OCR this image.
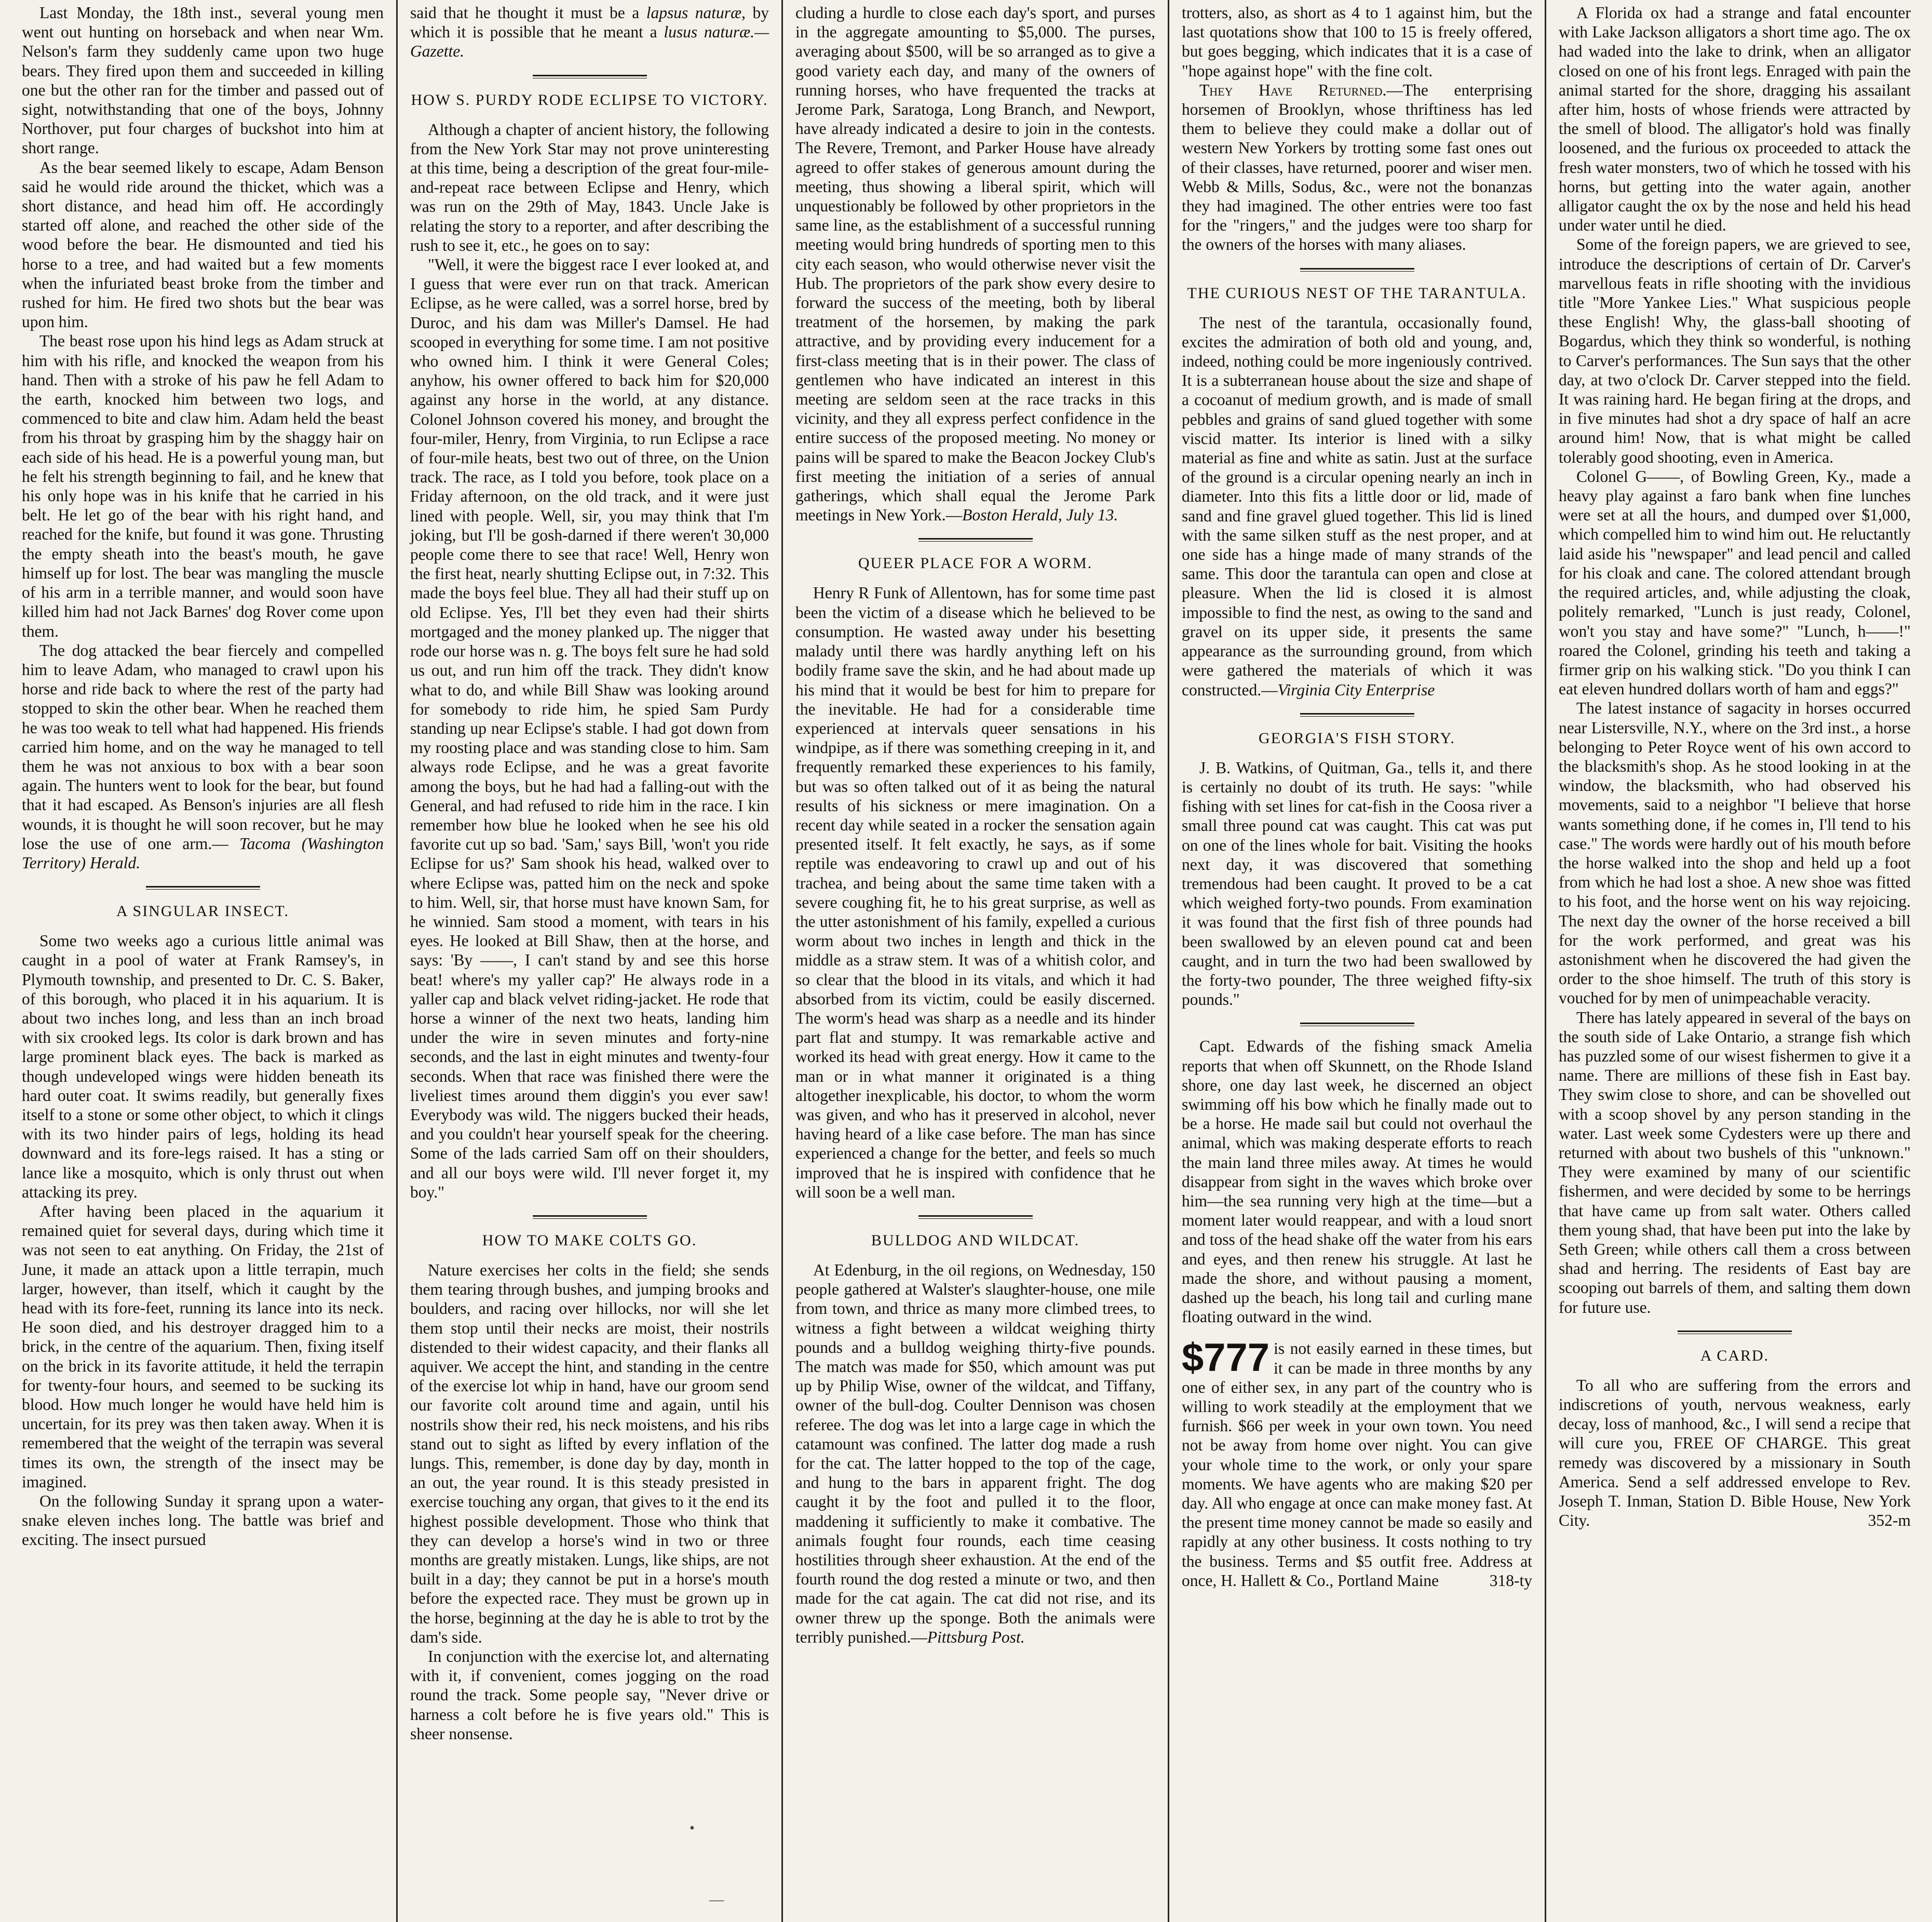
Last Monday, the 18th inst., several young men went out hunting on horseback and when near Wm. Nelson's farm they suddenly came upon two huge bears. They fired upon them and succeeded in killing one but the other ran for the timber and passed out of sight, notwithstanding that one of the boys, Johnny Northover, put four charges of buckshot into him at short range.

As the bear seemed likely to escape, Adam Benson said he would ride around the thicket, which was a short distance, and head him off. He accordingly started off alone, and reached the other side of the wood before the bear. He dismounted and tied his horse to a tree, and had waited but a few moments when the infuriated beast broke from the timber and rushed for him. He fired two shots but the bear was upon him.

The beast rose upon his hind legs as Adam struck at him with his rifle, and knocked the weapon from his hand. Then with a stroke of his paw he fell Adam to the earth, knocked him between two logs, and commenced to bite and claw him. Adam held the beast from his throat by grasping him by the shaggy hair on each side of his head. He is a powerful young man, but he felt his strength beginning to fail, and he knew that his only hope was in his knife that he carried in his belt. He let go of the bear with his right hand, and reached for the knife, but found it was gone. Thrusting the empty sheath into the beast's mouth, he gave himself up for lost. The bear was mangling the muscle of his arm in a terrible manner, and would soon have killed him had not Jack Barnes' dog Rover come upon them.

The dog attacked the bear fiercely and compelled him to leave Adam, who managed to crawl upon his horse and ride back to where the rest of the party had stopped to skin the other bear. When he reached them he was too weak to tell what had happened. His friends carried him home, and on the way he managed to tell them he was not anxious to box with a bear soon again. The hunters went to look for the bear, but found that it had escaped. As Benson's injuries are all flesh wounds, it is thought he will soon recover, but he may lose the use of one arm.— Tacoma (Washington Territory) Herald.

A SINGULAR INSECT.

Some two weeks ago a curious little animal was caught in a pool of water at Frank Ramsey's, in Plymouth township, and presented to Dr. C. S. Baker, of this borough, who placed it in his aquarium. It is about two inches long, and less than an inch broad with six crooked legs. Its color is dark brown and has large prominent black eyes. The back is marked as though undeveloped wings were hidden beneath its hard outer coat. It swims readily, but generally fixes itself to a stone or some other object, to which it clings with its two hinder pairs of legs, holding its head downward and its fore-legs raised. It has a sting or lance like a mosquito, which is only thrust out when attacking its prey.

After having been placed in the aquarium it remained quiet for several days, during which time it was not seen to eat anything. On Friday, the 21st of June, it made an attack upon a little terrapin, much larger, however, than itself, which it caught by the head with its fore-feet, running its lance into its neck. He soon died, and his destroyer dragged him to a brick, in the centre of the aquarium. Then, fixing itself on the brick in its favorite attitude, it held the terrapin for twenty-four hours, and seemed to be sucking its blood. How much longer he would have held him is uncertain, for its prey was then taken away. When it is remembered that the weight of the terrapin was several times its own, the strength of the insect may be imagined.

On the following Sunday it sprang upon a water-snake eleven inches long. The battle was brief and exciting. The insect pursued

said that he thought it must be a lapsus naturæ, by which it is possible that he meant a lusus naturæ.—Gazette.

HOW S. PURDY RODE ECLIPSE TO VICTORY.

Although a chapter of ancient history, the following from the New York Star may not prove uninteresting at this time, being a description of the great four-mile-and-repeat race between Eclipse and Henry, which was run on the 29th of May, 1843. Uncle Jake is relating the story to a reporter, and after describing the rush to see it, etc., he goes on to say:

"Well, it were the biggest race I ever looked at, and I guess that were ever run on that track. American Eclipse, as he were called, was a sorrel horse, bred by Duroc, and his dam was Miller's Damsel. He had scooped in everything for some time. I am not positive who owned him. I think it were General Coles; anyhow, his owner offered to back him for $20,000 against any horse in the world, at any distance. Colonel Johnson covered his money, and brought the four-miler, Henry, from Virginia, to run Eclipse a race of four-mile heats, best two out of three, on the Union track. The race, as I told you before, took place on a Friday afternoon, on the old track, and it were just lined with people. Well, sir, you may think that I'm joking, but I'll be gosh-darned if there weren't 30,000 people come there to see that race! Well, Henry won the first heat, nearly shutting Eclipse out, in 7:32. This made the boys feel blue. They all had their stuff up on old Eclipse. Yes, I'll bet they even had their shirts mortgaged and the money planked up. The nigger that rode our horse was n. g. The boys felt sure he had sold us out, and run him off the track. They didn't know what to do, and while Bill Shaw was looking around for somebody to ride him, he spied Sam Purdy standing up near Eclipse's stable. I had got down from my roosting place and was standing close to him. Sam always rode Eclipse, and he was a great favorite among the boys, but he had had a falling-out with the General, and had refused to ride him in the race. I kin remember how blue he looked when he see his old favorite cut up so bad. 'Sam,' says Bill, 'won't you ride Eclipse for us?' Sam shook his head, walked over to where Eclipse was, patted him on the neck and spoke to him. Well, sir, that horse must have known Sam, for he winnied. Sam stood a moment, with tears in his eyes. He looked at Bill Shaw, then at the horse, and says: 'By ——, I can't stand by and see this horse beat! where's my yaller cap?' He always rode in a yaller cap and black velvet riding-jacket. He rode that horse a winner of the next two heats, landing him under the wire in seven minutes and forty-nine seconds, and the last in eight minutes and twenty-four seconds. When that race was finished there were the liveliest times around them diggin's you ever saw! Everybody was wild. The niggers bucked their heads, and you couldn't hear yourself speak for the cheering. Some of the lads carried Sam off on their shoulders, and all our boys were wild. I'll never forget it, my boy."

HOW TO MAKE COLTS GO.

Nature exercises her colts in the field; she sends them tearing through bushes, and jumping brooks and boulders, and racing over hillocks, nor will she let them stop until their necks are moist, their nostrils distended to their widest capacity, and their flanks all aquiver. We accept the hint, and standing in the centre of the exercise lot whip in hand, have our groom send our favorite colt around time and again, until his nostrils show their red, his neck moistens, and his ribs stand out to sight as lifted by every inflation of the lungs. This, remember, is done day by day, month in an out, the year round. It is this steady presisted in exercise touching any organ, that gives to it the end its highest possible development. Those who think that they can develop a horse's wind in two or three months are greatly mistaken. Lungs, like ships, are not built in a day; they cannot be put in a horse's mouth before the expected race. They must be grown up in the horse, beginning at the day he is able to trot by the dam's side.

In conjunction with the exercise lot, and alternating with it, if convenient, comes jogging on the road round the track. Some people say, "Never drive or harness a colt before he is five years old." This is sheer nonsense.

cluding a hurdle to close each day's sport, and purses in the aggregate amounting to $5,000. The purses, averaging about $500, will be so arranged as to give a good variety each day, and many of the owners of running horses, who have frequented the tracks at Jerome Park, Saratoga, Long Branch, and Newport, have already indicated a desire to join in the contests. The Revere, Tremont, and Parker House have already agreed to offer stakes of generous amount during the meeting, thus showing a liberal spirit, which will unquestionably be followed by other proprietors in the same line, as the establishment of a successful running meeting would bring hundreds of sporting men to this city each season, who would otherwise never visit the Hub. The proprietors of the park show every desire to forward the success of the meeting, both by liberal treatment of the horsemen, by making the park attractive, and by providing every inducement for a first-class meeting that is in their power. The class of gentlemen who have indicated an interest in this meeting are seldom seen at the race tracks in this vicinity, and they all express perfect confidence in the entire success of the proposed meeting. No money or pains will be spared to make the Beacon Jockey Club's first meeting the initiation of a series of annual gatherings, which shall equal the Jerome Park meetings in New York.—Boston Herald, July 13.

QUEER PLACE FOR A WORM.

Henry R Funk of Allentown, has for some time past been the victim of a disease which he believed to be consumption. He wasted away under his besetting malady until there was hardly anything left on his bodily frame save the skin, and he had about made up his mind that it would be best for him to prepare for the inevitable. He had for a considerable time experienced at intervals queer sensations in his windpipe, as if there was something creeping in it, and frequently remarked these experiences to his family, but was so often talked out of it as being the natural results of his sickness or mere imagination. On a recent day while seated in a rocker the sensation again presented itself. It felt exactly, he says, as if some reptile was endeavoring to crawl up and out of his trachea, and being about the same time taken with a severe coughing fit, he to his great surprise, as well as the utter astonishment of his family, expelled a curious worm about two inches in length and thick in the middle as a straw stem. It was of a whitish color, and so clear that the blood in its vitals, and which it had absorbed from its victim, could be easily discerned. The worm's head was sharp as a needle and its hinder part flat and stumpy. It was remarkable active and worked its head with great energy. How it came to the man or in what manner it originated is a thing altogether inexplicable, his doctor, to whom the worm was given, and who has it preserved in alcohol, never having heard of a like case before. The man has since experienced a change for the better, and feels so much improved that he is inspired with confidence that he will soon be a well man.

BULLDOG AND WILDCAT.

At Edenburg, in the oil regions, on Wednesday, 150 people gathered at Walster's slaughter-house, one mile from town, and thrice as many more climbed trees, to witness a fight between a wildcat weighing thirty pounds and a bulldog weighing thirty-five pounds. The match was made for $50, which amount was put up by Philip Wise, owner of the wildcat, and Tiffany, owner of the bull-dog. Coulter Dennison was chosen referee. The dog was let into a large cage in which the catamount was confined. The latter dog made a rush for the cat. The latter hopped to the top of the cage, and hung to the bars in apparent fright. The dog caught it by the foot and pulled it to the floor, maddening it sufficiently to make it combative. The animals fought four rounds, each time ceasing hostilities through sheer exhaustion. At the end of the fourth round the dog rested a minute or two, and then made for the cat again. The cat did not rise, and its owner threw up the sponge. Both the animals were terribly punished.—Pittsburg Post.

trotters, also, as short as 4 to 1 against him, but the last quotations show that 100 to 15 is freely offered, but goes begging, which indicates that it is a case of "hope against hope" with the fine colt.

They Have Returned.—The enterprising horsemen of Brooklyn, whose thriftiness has led them to believe they could make a dollar out of western New Yorkers by trotting some fast ones out of their classes, have returned, poorer and wiser men. Webb & Mills, Sodus, &c., were not the bonanzas they had imagined. The other entries were too fast for the "ringers," and the judges were too sharp for the owners of the horses with many aliases.

THE CURIOUS NEST OF THE TARANTULA.

The nest of the tarantula, occasionally found, excites the admiration of both old and young, and, indeed, nothing could be more ingeniously contrived. It is a subterranean house about the size and shape of a cocoanut of medium growth, and is made of small pebbles and grains of sand glued together with some viscid matter. Its interior is lined with a silky material as fine and white as satin. Just at the surface of the ground is a circular opening nearly an inch in diameter. Into this fits a little door or lid, made of sand and fine gravel glued together. This lid is lined with the same silken stuff as the nest proper, and at one side has a hinge made of many strands of the same. This door the tarantula can open and close at pleasure. When the lid is closed it is almost impossible to find the nest, as owing to the sand and gravel on its upper side, it presents the same appearance as the surrounding ground, from which were gathered the materials of which it was constructed.—Virginia City Enterprise

GEORGIA'S FISH STORY.

J. B. Watkins, of Quitman, Ga., tells it, and there is certainly no doubt of its truth. He says: "while fishing with set lines for cat-fish in the Coosa river a small three pound cat was caught. This cat was put on one of the lines whole for bait. Visiting the hooks next day, it was discovered that something tremendous had been caught. It proved to be a cat which weighed forty-two pounds. From examination it was found that the first fish of three pounds had been swallowed by an eleven pound cat and been caught, and in turn the two had been swallowed by the forty-two pounder, The three weighed fifty-six pounds."

Capt. Edwards of the fishing smack Amelia reports that when off Skunnett, on the Rhode Island shore, one day last week, he discerned an object swimming off his bow which he finally made out to be a horse. He made sail but could not overhaul the animal, which was making desperate efforts to reach the main land three miles away. At times he would disappear from sight in the waves which broke over him—the sea running very high at the time—but a moment later would reappear, and with a loud snort and toss of the head shake off the water from his ears and eyes, and then renew his struggle. At last he made the shore, and without pausing a moment, dashed up the beach, his long tail and curling mane floating outward in the wind.

$777 is not easily earned in these times, but it can be made in three months by any one of either sex, in any part of the country who is willing to work steadily at the employment that we furnish. $66 per week in your own town. You need not be away from home over night. You can give your whole time to the work, or only your spare moments. We have agents who are making $20 per day. All who engage at once can make money fast. At the present time money cannot be made so easily and rapidly at any other business. It costs nothing to try the business. Terms and $5 outfit free. Address at once, H. Hallett & Co., Portland Maine	318-ty

A Florida ox had a strange and fatal encounter with Lake Jackson alligators a short time ago. The ox had waded into the lake to drink, when an alligator closed on one of his front legs. Enraged with pain the animal started for the shore, dragging his assailant after him, hosts of whose friends were attracted by the smell of blood. The alligator's hold was finally loosened, and the furious ox proceeded to attack the fresh water monsters, two of which he tossed with his horns, but getting into the water again, another alligator caught the ox by the nose and held his head under water until he died.

Some of the foreign papers, we are grieved to see, introduce the descriptions of certain of Dr. Carver's marvellous feats in rifle shooting with the invidious title "More Yankee Lies." What suspicious people these English! Why, the glass-ball shooting of Bogardus, which they think so wonderful, is nothing to Carver's performances. The Sun says that the other day, at two o'clock Dr. Carver stepped into the field. It was raining hard. He began firing at the drops, and in five minutes had shot a dry space of half an acre around him! Now, that is what might be called tolerably good shooting, even in America.

Colonel G——, of Bowling Green, Ky., made a heavy play against a faro bank when fine lunches were set at all the hours, and dumped over $1,000, which compelled him to wind him out. He reluctantly laid aside his "newspaper" and lead pencil and called for his cloak and cane. The colored attendant brough the required articles, and, while adjusting the cloak, politely remarked, "Lunch is just ready, Colonel, won't you stay and have some?" "Lunch, h——!" roared the Colonel, grinding his teeth and taking a firmer grip on his walking stick. "Do you think I can eat eleven hundred dollars worth of ham and eggs?"

The latest instance of sagacity in horses occurred near Listersville, N.Y., where on the 3rd inst., a horse belonging to Peter Royce went of his own accord to the blacksmith's shop. As he stood looking in at the window, the blacksmith, who had observed his movements, said to a neighbor "I believe that horse wants something done, if he comes in, I'll tend to his case." The words were hardly out of his mouth before the horse walked into the shop and held up a foot from which he had lost a shoe. A new shoe was fitted to his foot, and the horse went on his way rejoicing. The next day the owner of the horse received a bill for the work performed, and great was his astonishment when he discovered the had given the order to the shoe himself. The truth of this story is vouched for by men of unimpeachable veracity.

There has lately appeared in several of the bays on the south side of Lake Ontario, a strange fish which has puzzled some of our wisest fishermen to give it a name. There are millions of these fish in East bay. They swim close to shore, and can be shovelled out with a scoop shovel by any person standing in the water. Last week some Cydesters were up there and returned with about two bushels of this "unknown." They were examined by many of our scientific fishermen, and were decided by some to be herrings that have came up from salt water. Others called them young shad, that have been put into the lake by Seth Green; while others call them a cross between shad and herring. The residents of East bay are scooping out barrels of them, and salting them down for future use.

A CARD.

To all who are suffering from the errors and indiscretions of youth, nervous weakness, early decay, loss of manhood, &c., I will send a recipe that will cure you, FREE OF CHARGE. This great remedy was discovered by a missionary in South America. Send a self addressed envelope to Rev. Joseph T. Inman, Station D. Bible House, New York City.	352-m

•
—
